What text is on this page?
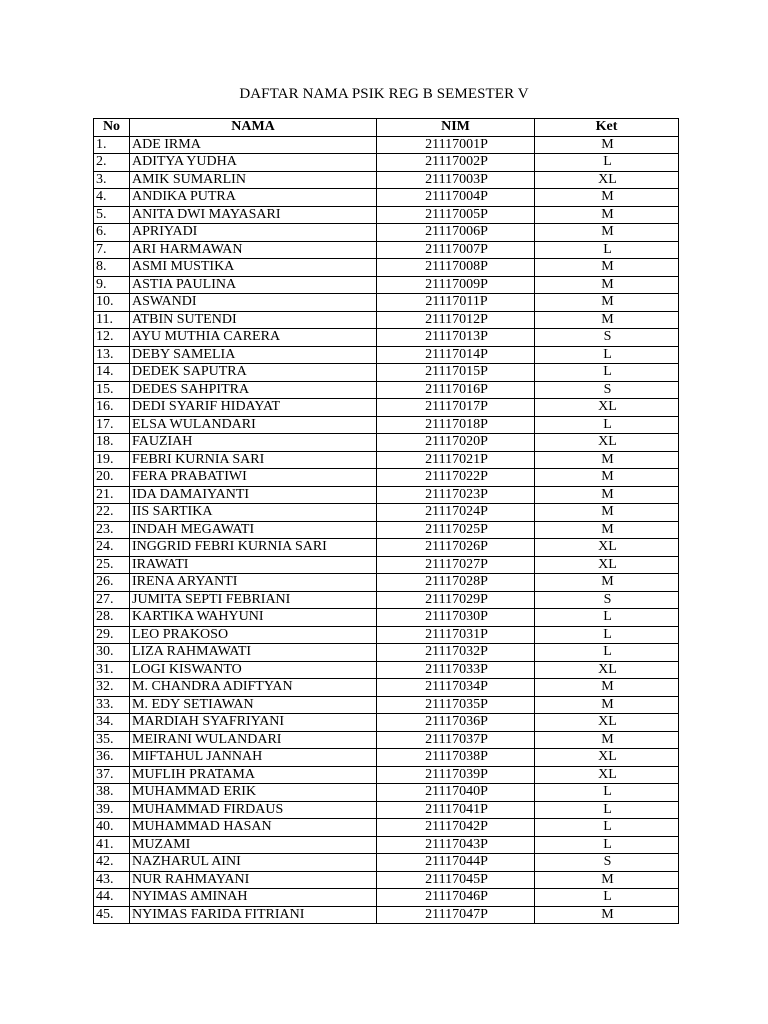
DAFTAR NAMA PSIK REG B SEMESTER V
No	NAMA	NIM	Ket
1.	ADE IRMA	21117001P	M
2.	ADITYA YUDHA	21117002P	L
3.	AMIK SUMARLIN	21117003P	XL
4.	ANDIKA PUTRA	21117004P	M
5.	ANITA DWI MAYASARI	21117005P	M
6.	APRIYADI	21117006P	M
7.	ARI HARMAWAN	21117007P	L
8.	ASMI MUSTIKA	21117008P	M
9.	ASTIA PAULINA	21117009P	M
10.	ASWANDI	21117011P	M
11.	ATBIN SUTENDI	21117012P	M
12.	AYU MUTHIA CARERA	21117013P	S
13.	DEBY SAMELIA	21117014P	L
14.	DEDEK SAPUTRA	21117015P	L
15.	DEDES SAHPITRA	21117016P	S
16.	DEDI SYARIF HIDAYAT	21117017P	XL
17.	ELSA WULANDARI	21117018P	L
18.	FAUZIAH	21117020P	XL
19.	FEBRI KURNIA SARI	21117021P	M
20.	FERA PRABATIWI	21117022P	M
21.	IDA DAMAIYANTI	21117023P	M
22.	IIS SARTIKA	21117024P	M
23.	INDAH MEGAWATI	21117025P	M
24.	INGGRID FEBRI KURNIA SARI	21117026P	XL
25.	IRAWATI	21117027P	XL
26.	IRENA ARYANTI	21117028P	M
27.	JUMITA SEPTI FEBRIANI	21117029P	S
28.	KARTIKA WAHYUNI	21117030P	L
29.	LEO PRAKOSO	21117031P	L
30.	LIZA RAHMAWATI	21117032P	L
31.	LOGI KISWANTO	21117033P	XL
32.	M. CHANDRA ADIFTYAN	21117034P	M
33.	M. EDY SETIAWAN	21117035P	M
34.	MARDIAH SYAFRIYANI	21117036P	XL
35.	MEIRANI WULANDARI	21117037P	M
36.	MIFTAHUL JANNAH	21117038P	XL
37.	MUFLIH PRATAMA	21117039P	XL
38.	MUHAMMAD ERIK	21117040P	L
39.	MUHAMMAD FIRDAUS	21117041P	L
40.	MUHAMMAD HASAN	21117042P	L
41.	MUZAMI	21117043P	L
42.	NAZHARUL AINI	21117044P	S
43.	NUR RAHMAYANI	21117045P	M
44.	NYIMAS AMINAH	21117046P	L
45.	NYIMAS FARIDA FITRIANI	21117047P	M
